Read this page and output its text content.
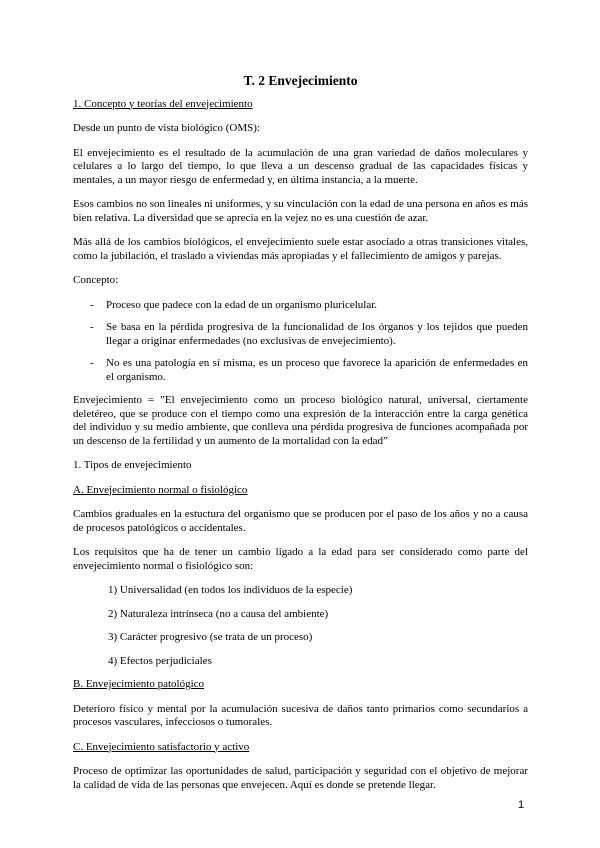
T. 2 Envejecimiento

1. Concepto y teorías del envejecimiento

Desde un punto de vista biológico (OMS):

El envejecimiento es el resultado de la acumulación de una gran variedad de daños moleculares y celulares a lo largo del tiempo, lo que lleva a un descenso gradual de las capacidades físicas y mentales, a un mayor riesgo de enfermedad y, en última instancia, a la muerte.

Esos cambios no son lineales ni uniformes, y su vinculación con la edad de una persona en años es más bien relativa. La diversidad que se aprecia en la vejez no es una cuestión de azar.

Más allá de los cambios biológicos, el envejecimiento suele estar asociado a otras transiciones vitales, como la jubilación, el traslado a viviendas más apropiadas y el fallecimiento de amigos y parejas.

Concepto:

- Proceso que padece con la edad de un organismo pluricelular.
- Se basa en la pérdida progresiva de la funcionalidad de los órganos y los tejidos que pueden llegar a originar enfermedades (no exclusivas de envejecimiento).
- No es una patología en sí misma, es un proceso que favorece la aparición de enfermedades en el organismo.

Envejecimiento = ”El envejecimiento como un proceso biológico natural, universal, ciertamente deletéreo, que se produce con el tiempo como una expresión de la interacción entre la carga genética del individuo y su medio ambiente, que conlleva una pérdida progresiva de funciones acompañada por un descenso de la fertilidad y un aumento de la mortalidad con la edad”

1. Tipos de envejecimiento

A. Envejecimiento normal o fisiológico

Cambios graduales en la estuctura del organismo que se producen por el paso de los años y no a causa de procesos patológicos o accidentales.

Los requisitos que ha de tener un cambio ligado a la edad para ser considerado como parte del envejecimiento normal o fisiológico son:

1) Universalidad (en todos los individuos de la especie)
2) Naturaleza intrínseca (no a causa del ambiente)
3) Carácter progresivo (se trata de un proceso)
4) Efectos perjudiciales

B. Envejecimiento patológico

Deterioro físico y mental por la acumulación sucesiva de daños tanto primarios como secundarios a procesos vasculares, infecciosos o tumorales.

C. Envejecimiento satisfactorio y activo

Proceso de optimizar las oportunidades de salud, participación y seguridad con el objetivo de mejorar la calidad de vida de las personas que envejecen. Aquí es donde se pretende llegar.

1
